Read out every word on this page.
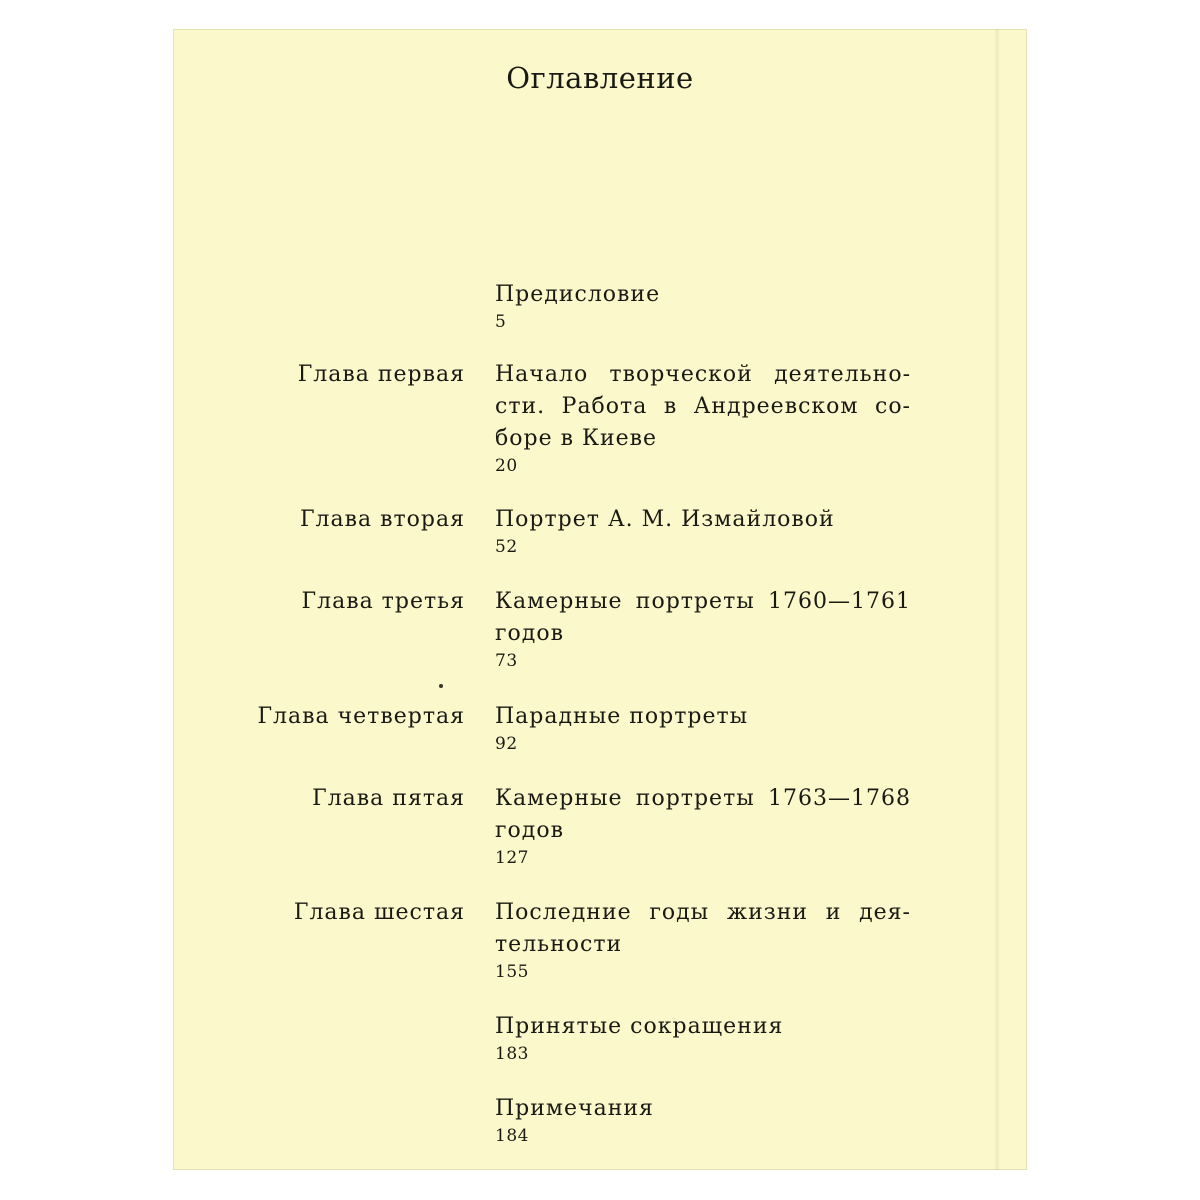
Оглавление
Предисловие
5
Глава первая Начало творческой деятельно-
сти. Работа в Андреевском со-
боре в Киеве
20
Глава вторая Портрет А. М. Измайловой
52
Глава третья Камерные портреты 1760—1761
годов
73
Глава четвертая Парадные портреты
92
Глава пятая Камерные портреты 1763—1768
годов
127
Глава шестая Последние годы жизни и дея-
тельности
155
Принятые сокращения
183
Примечания
184
